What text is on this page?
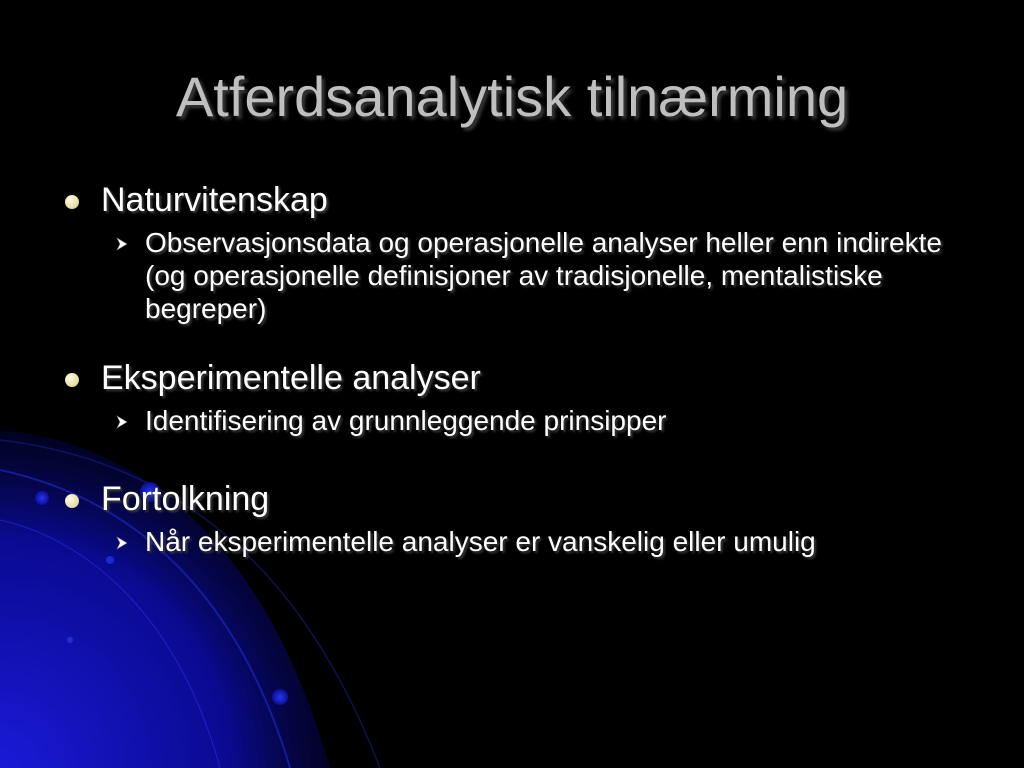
Atferdsanalytisk tilnærming
Naturvitenskap
Observasjonsdata og operasjonelle analyser heller enn indirekte (og operasjonelle definisjoner av tradisjonelle, mentalistiske begreper)
Eksperimentelle analyser
Identifisering av grunnleggende prinsipper
Fortolkning
Når eksperimentelle analyser er vanskelig eller umulig
